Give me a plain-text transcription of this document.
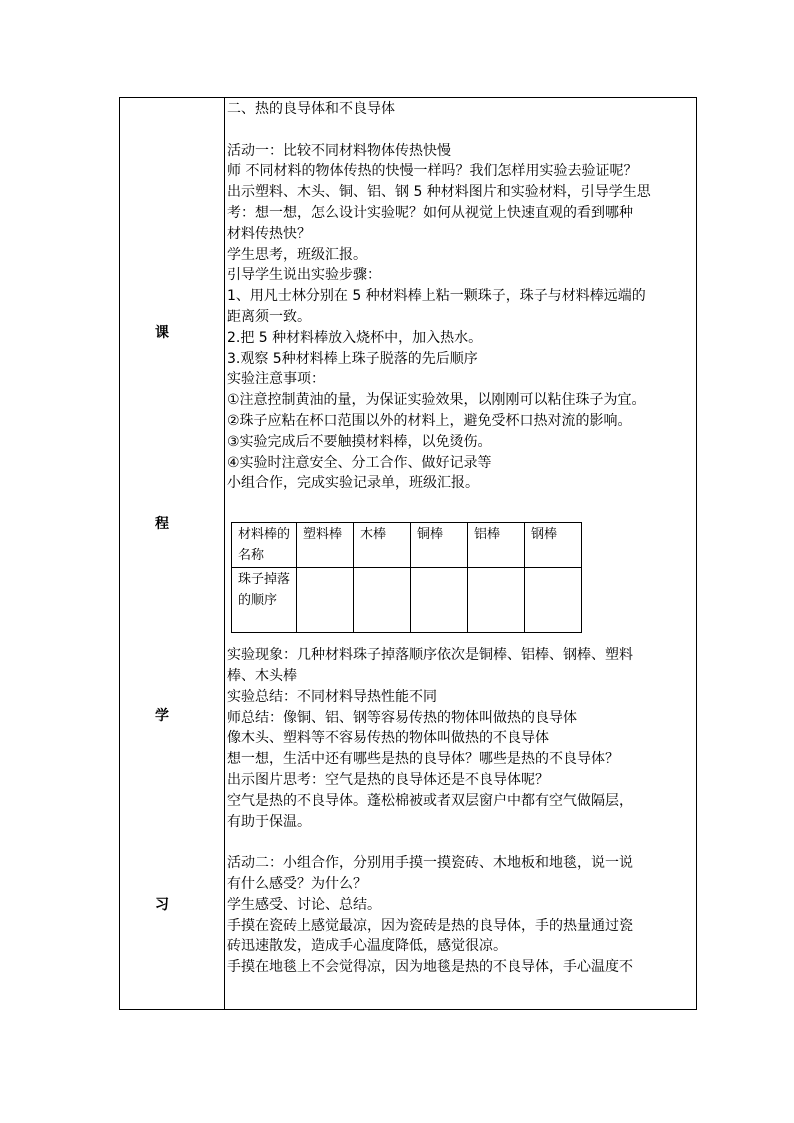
课
程
学
习

二、热的良导体和不良导体

活动一：比较不同材料物体传热快慢

师 不同材料的物体传热的快慢一样吗？我们怎样用实验去验证呢？

出示塑料、木头、铜、铝、钢 5 种材料图片和实验材料，引导学生思

考：想一想，怎么设计实验呢？如何从视觉上快速直观的看到哪种

材料传热快？

学生思考，班级汇报。

引导学生说出实验步骤：

1、用凡士林分别在 5 种材料棒上粘一颗珠子，珠子与材料棒远端的

距离须一致。

2.把 5 种材料棒放入烧杯中，加入热水。

3.观察 5种材料棒上珠子脱落的先后顺序

实验注意事项：

①注意控制黄油的量，为保证实验效果，以刚刚可以粘住珠子为宜。

②珠子应粘在杯口范围以外的材料上，避免受杯口热对流的影响。

③实验完成后不要触摸材料棒，以免烫伤。

④实验时注意安全、分工合作、做好记录等

小组合作，完成实验记录单，班级汇报。

材料棒的名称	塑料棒	木棒	铜棒	铝棒	钢棒
珠子掉落的顺序					

实验现象：几种材料珠子掉落顺序依次是铜棒、铝棒、钢棒、塑料

棒、木头棒

实验总结：不同材料导热性能不同

师总结：像铜、铝、钢等容易传热的物体叫做热的良导体

像木头、塑料等不容易传热的物体叫做热的不良导体

想一想，生活中还有哪些是热的良导体？哪些是热的不良导体？

出示图片思考：空气是热的良导体还是不良导体呢？

空气是热的不良导体。蓬松棉被或者双层窗户中都有空气做隔层，

有助于保温。

活动二：小组合作，分别用手摸一摸瓷砖、木地板和地毯，说一说

有什么感受？为什么？

学生感受、讨论、总结。

手摸在瓷砖上感觉最凉，因为瓷砖是热的良导体，手的热量通过瓷

砖迅速散发，造成手心温度降低，感觉很凉。

手摸在地毯上不会觉得凉，因为地毯是热的不良导体，手心温度不
